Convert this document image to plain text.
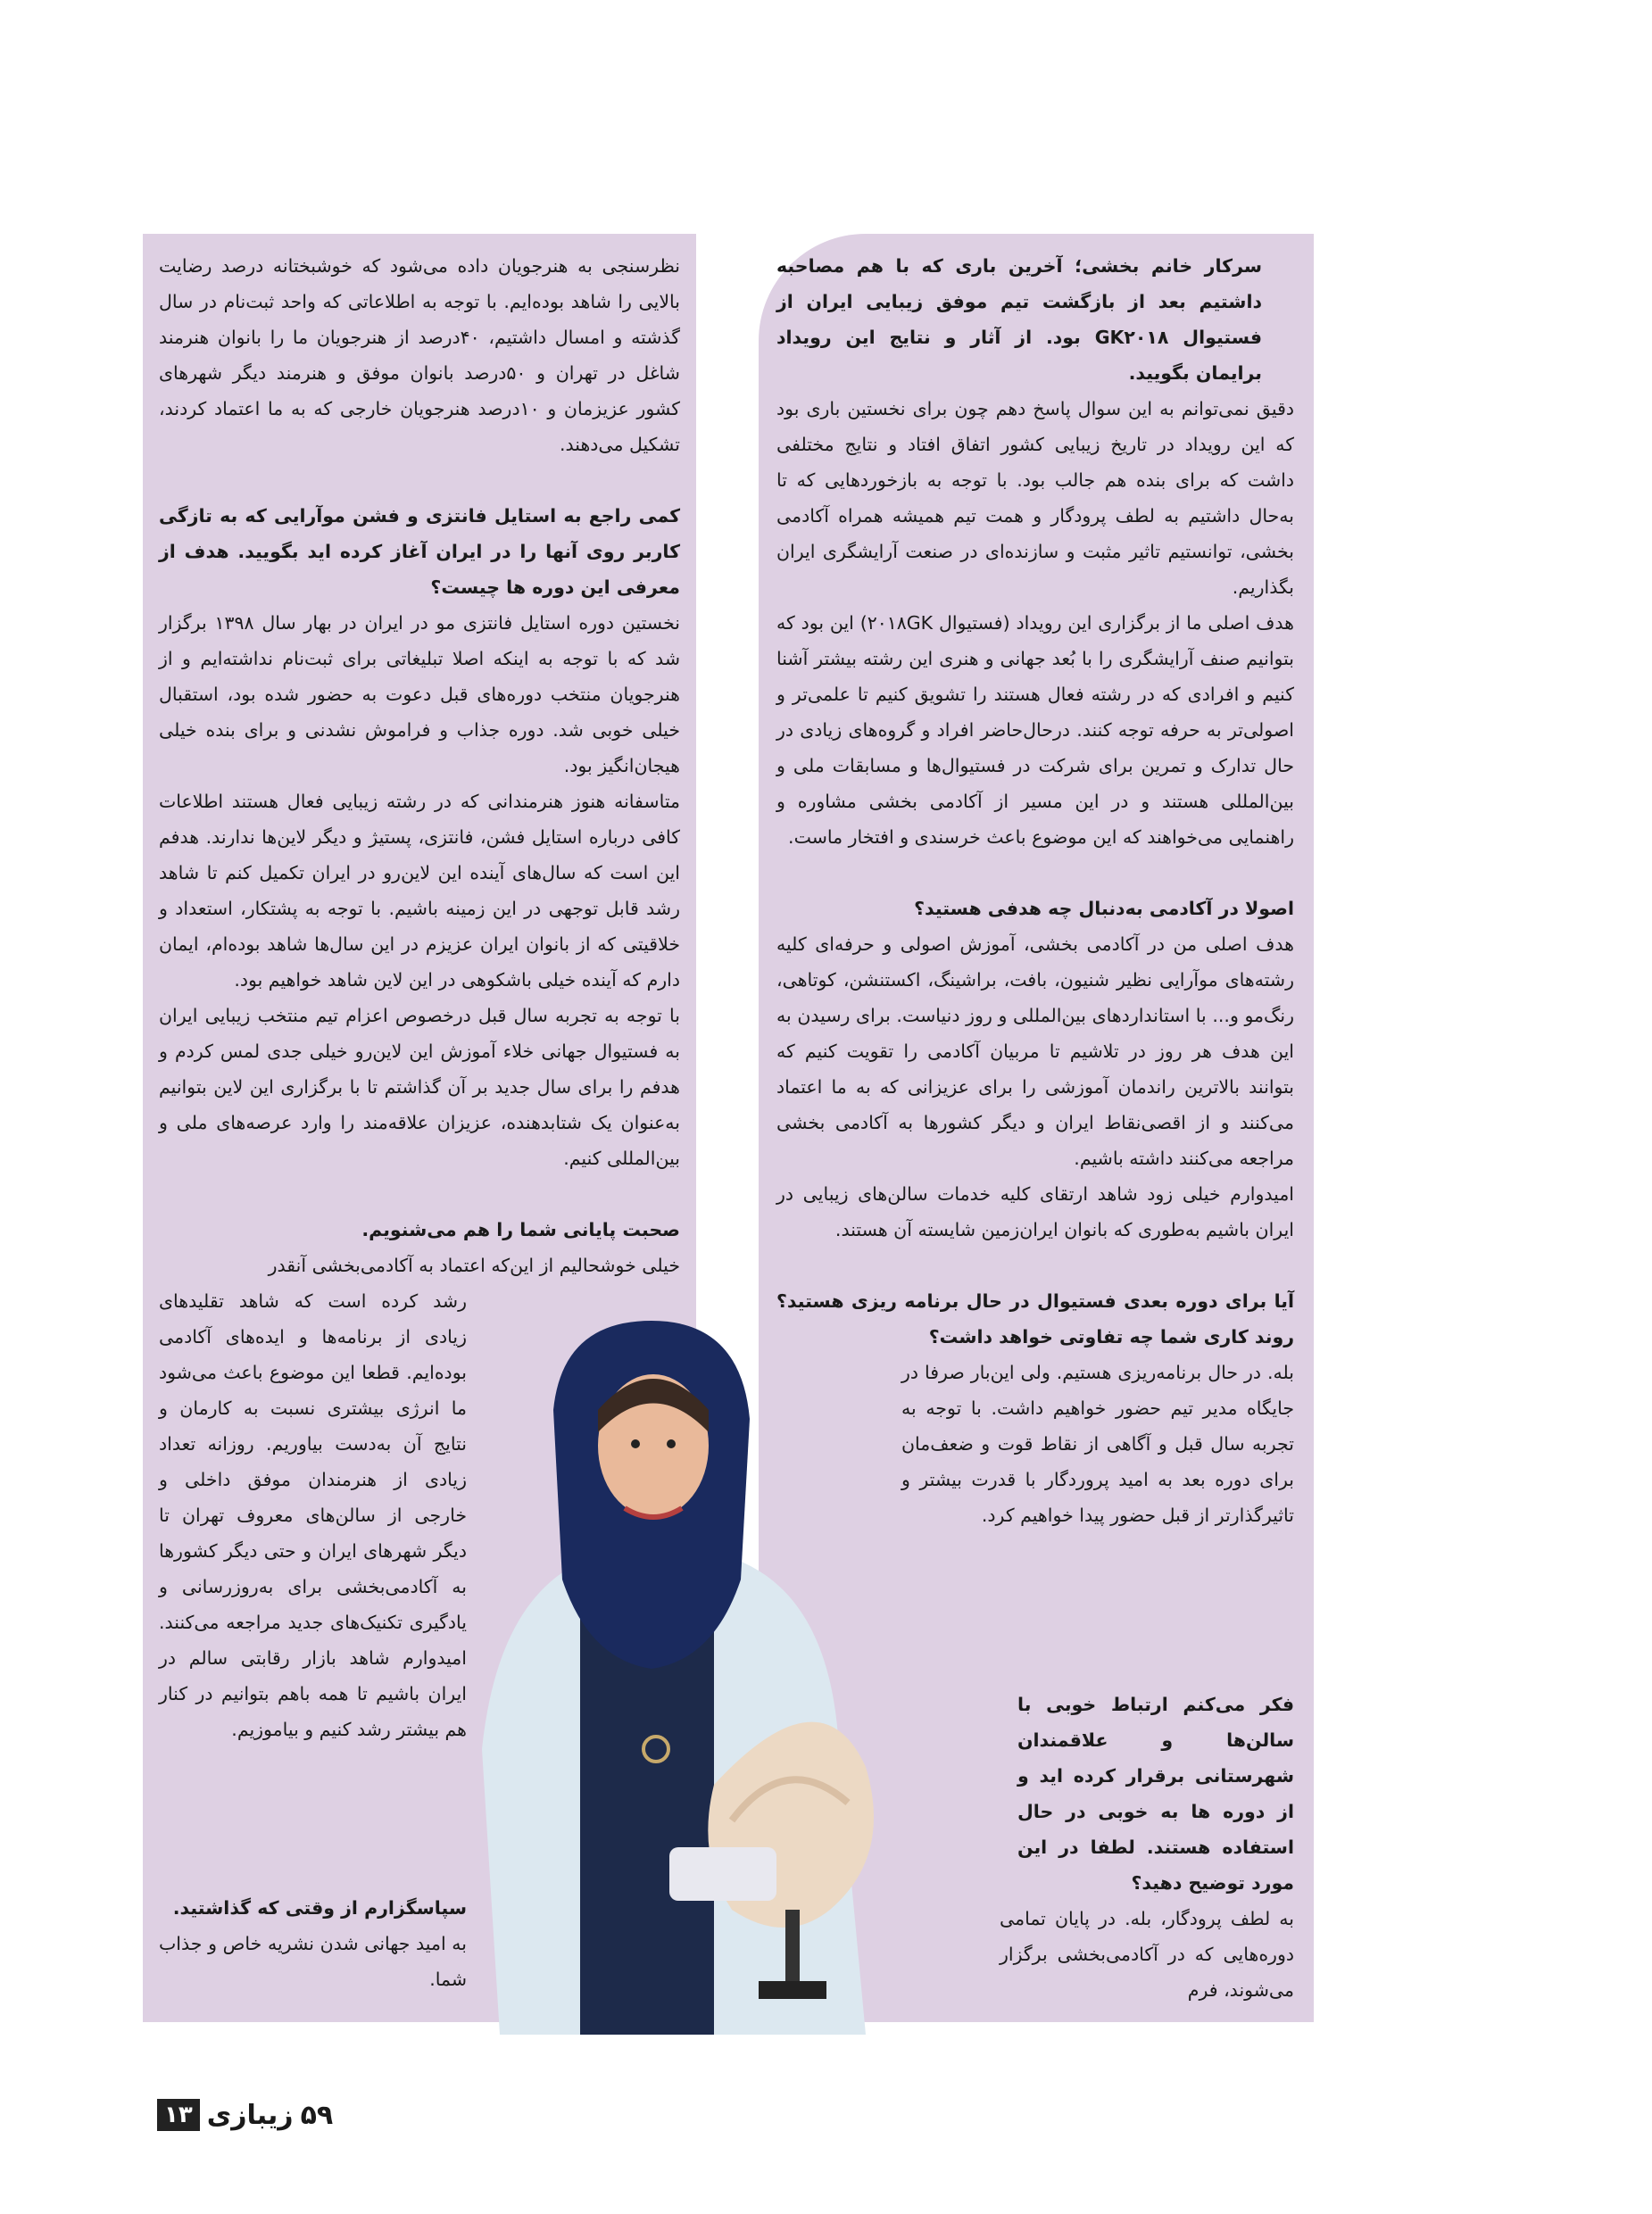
سرکار خانم بخشی؛ آخرین باری که با هم مصاحبه داشتیم بعد از بازگشت تیم موفق زیبایی ایران از فستیوال GK۲۰۱۸ بود. از آثار و نتایج این رویداد برایمان بگویید.

دقیق نمی‌توانم به این سوال پاسخ دهم چون برای نخستین باری بود که این رویداد در تاریخ زیبایی کشور اتفاق افتاد و نتایج مختلفی داشت که برای بنده هم جالب بود. با توجه به بازخوردهایی که تا به‌حال داشتیم به لطف پرودگار و همت تیم همیشه همراه آکادمی بخشی، توانستیم تاثیر مثبت و سازنده‌ای در صنعت آرایشگری ایران بگذاریم.

هدف اصلی ما از برگزاری این رویداد (فستیوال ۲۰۱۸GK) این بود که بتوانیم صنف آرایشگری را با بُعد جهانی و هنری این رشته بیشتر آشنا کنیم و افرادی که در رشته فعال هستند را تشویق کنیم تا علمی‌تر و اصولی‌تر به حرفه توجه کنند. درحال‌حاضر افراد و گروه‌های زیادی در حال تدارک و تمرین برای شرکت در فستیوال‌ها و مسابقات ملی و بین‌المللی هستند و در این مسیر از آکادمی بخشی مشاوره و راهنمایی می‌خواهند که این موضوع باعث خرسندی و افتخار ماست.

اصولا در آکادمی به‌دنبال چه هدفی هستید؟

هدف اصلی من در آکادمی بخشی، آموزش اصولی و حرفه‌ای کلیه رشته‌های موآرایی نظیر شنیون، بافت، براشینگ، اکستنشن، کوتاهی، رنگ‌مو و... با استانداردهای بین‌المللی و روز دنیاست. برای رسیدن به این هدف هر روز در تلاشیم تا مربیان آکادمی را تقویت کنیم که بتوانند بالاترین راندمان آموزشی را برای عزیزانی که به ما اعتماد می‌کنند و از اقصی‌نقاط ایران و دیگر کشورها به آکادمی بخشی مراجعه می‌کنند داشته باشیم.

امیدوارم خیلی زود شاهد ارتقای کلیه خدمات سالن‌های زیبایی در ایران باشیم به‌طوری که بانوان ایران‌زمین شایسته آن هستند.

آیا برای دوره بعدی فستیوال در حال برنامه ریزی هستید؟روند کاری شما چه تفاوتی خواهد داشت؟

بله. در حال برنامه‌ریزی هستیم. ولی این‌بار صرفا در جایگاه مدیر تیم حضور خواهیم داشت. با توجه به تجربه سال قبل و آگاهی از نقاط قوت و ضعف‌مان برای دوره بعد به امید پروردگار با قدرت بیشتر و تاثیرگذارتر از قبل حضور پیدا خواهیم کرد.

فکر می‌کنم ارتباط خوبی با سالن‌ها و علاقمندان شهرستانی برقرار کرده اید و از دوره ها به خوبی در حال استفاده هستند. لطفا در این مورد توضیح دهید؟
به لطف پرودگار، بله. در پایان تمامی دوره‌هایی که در آکادمی‌بخشی برگزار می‌شوند، فرم

نظرسنجی به هنرجویان داده می‌شود که خوشبختانه درصد رضایت بالایی را شاهد بوده‌ایم. با توجه به اطلاعاتی که واحد ثبت‌نام در سال گذشته و امسال داشتیم، ۴۰درصد از هنرجویان ما را بانوان هنرمند شاغل در تهران و ۵۰درصد بانوان موفق و هنرمند دیگر شهرهای کشور عزیزمان و ۱۰درصد هنرجویان خارجی که به ما اعتماد کردند، تشکیل می‌دهند.

کمی راجع به استایل فانتزی و فشن موآرایی که به تازگی کاربر روی آنها را در ایران آغاز کرده اید بگویید. هدف از معرفی این دوره ها چیست؟

نخستین دوره استایل فانتزی مو در ایران در بهار سال ۱۳۹۸ برگزار شد که با توجه به اینکه اصلا تبلیغاتی برای ثبت‌نام نداشته‌ایم و از هنرجویان منتخب دوره‌های قبل دعوت به حضور شده بود، استقبال خیلی خوبی شد. دوره جذاب و فراموش نشدنی و برای بنده خیلی هیجان‌انگیز بود.

متاسفانه هنوز هنرمندانی که در رشته زیبایی فعال هستند اطلاعات کافی درباره استایل فشن، فانتزی، پستیژ و دیگر لاین‌ها ندارند. هدفم این است که سال‌های آینده این لاین‌رو در ایران تکمیل کنم تا شاهد رشد قابل توجهی در این زمینه باشیم. با توجه به پشتکار، استعداد و خلاقیتی که از بانوان ایران عزیزم در این سال‌ها شاهد بوده‌ام، ایمان دارم که آینده خیلی باشکوهی در این لاین شاهد خواهیم بود.

با توجه به تجربه سال قبل درخصوص اعزام تیم منتخب زیبایی ایران به فستیوال جهانی خلاء آموزش این لاین‌رو خیلی جدی لمس کردم و هدفم را برای سال جدید بر آن گذاشتم تا با برگزاری این لاین بتوانیم به‌عنوان یک شتابدهنده، عزیزان علاقه‌مند را وارد عرصه‌های ملی و بین‌المللی کنیم.

صحبت پایانی شما را هم می‌شنویم.

خیلی خوشحالیم از این‌که اعتماد به آکادمی‌بخشی آنقدر

رشد کرده است که شاهد تقلیدهای زیادی از برنامه‌ها و ایده‌های آکادمی بوده‌ایم. قطعا این موضوع باعث می‌شود ما انرژی بیشتری نسبت به کارمان و نتایج آن به‌دست بیاوریم. روزانه تعداد زیادی از هنرمندان موفق داخلی و خارجی از سالن‌های معروف تهران تا دیگر شهرهای ایران و حتی دیگر کشورها به آکادمی‌بخشی برای به‌روزرسانی و یادگیری تکنیک‌های جدید مراجعه می‌کنند. امیدوارم شاهد بازار رقابتی سالم در ایران باشیم تا همه باهم بتوانیم در کنار هم بیشتر رشد کنیم و بیاموزیم.

سپاسگزارم از وقتی که گذاشتید.

به امید جهانی شدن نشریه خاص و جذاب شما.

۵۹
زیبازی
۱۳
